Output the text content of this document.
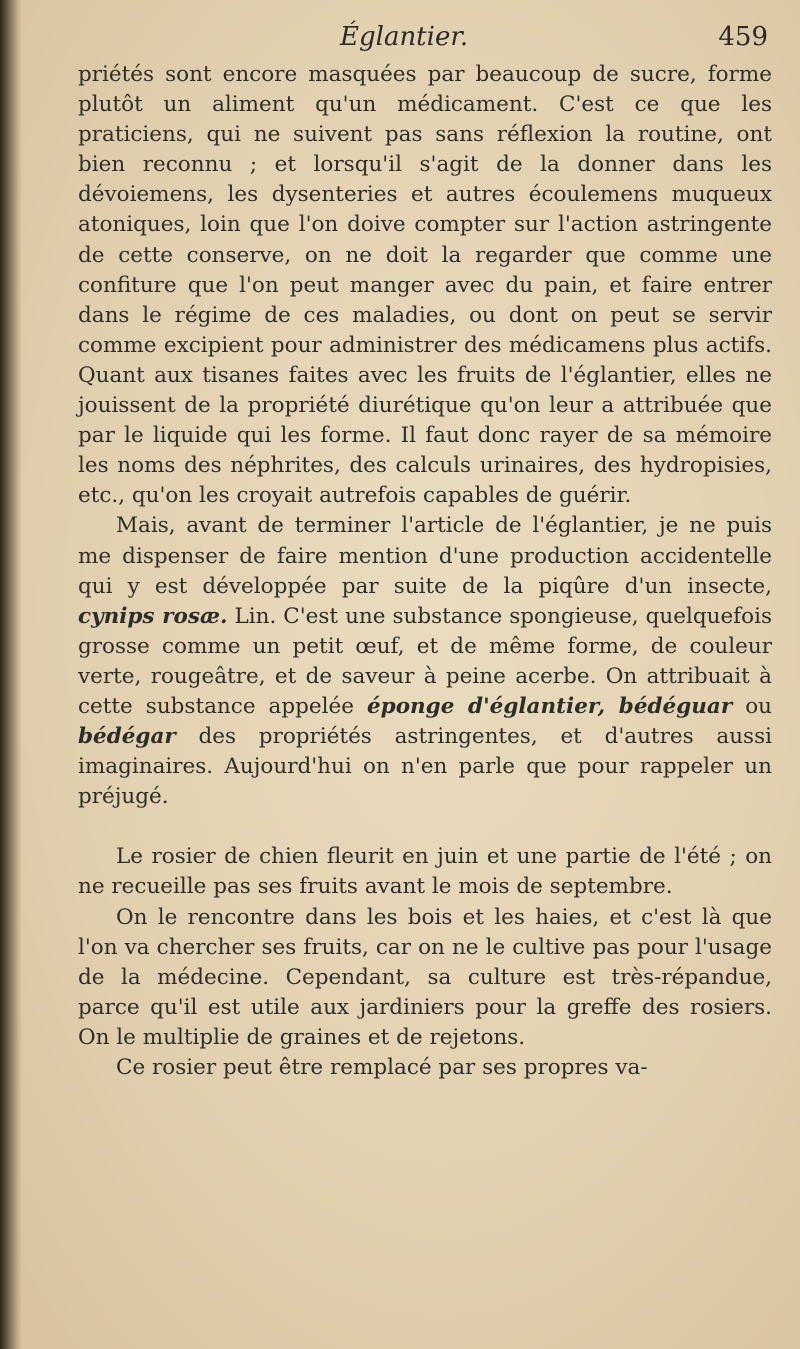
Églantier.	459

priétés sont encore masquées par beaucoup de sucre, forme plutôt un aliment qu'un médicament. C'est ce que les praticiens, qui ne suivent pas sans réflexion la routine, ont bien reconnu ; et lorsqu'il s'agit de la donner dans les dévoiemens, les dysenteries et autres écoulemens muqueux atoniques, loin que l'on doive compter sur l'action astringente de cette conserve, on ne doit la regarder que comme une confiture que l'on peut manger avec du pain, et faire entrer dans le régime de ces maladies, ou dont on peut se servir comme excipient pour administrer des médicamens plus actifs. Quant aux tisanes faites avec les fruits de l'églantier, elles ne jouissent de la propriété diurétique qu'on leur a attribuée que par le liquide qui les forme. Il faut donc rayer de sa mémoire les noms des néphrites, des calculs urinaires, des hydropisies, etc., qu'on les croyait autrefois capables de guérir.

Mais, avant de terminer l'article de l'églantier, je ne puis me dispenser de faire mention d'une production accidentelle qui y est développée par suite de la piqûre d'un insecte, cynips rosæ. Lin. C'est une substance spongieuse, quelquefois grosse comme un petit œuf, et de même forme, de couleur verte, rougeâtre, et de saveur à peine acerbe. On attribuait à cette substance appelée éponge d'églantier, bédéguar ou bédégar des propriétés astringentes, et d'autres aussi imaginaires. Aujourd'hui on n'en parle que pour rappeler un préjugé.

Le rosier de chien fleurit en juin et une partie de l'été ; on ne recueille pas ses fruits avant le mois de septembre.

On le rencontre dans les bois et les haies, et c'est là que l'on va chercher ses fruits, car on ne le cultive pas pour l'usage de la médecine. Cependant, sa culture est très-répandue, parce qu'il est utile aux jardiniers pour la greffe des rosiers. On le multiplie de graines et de rejetons.

Ce rosier peut être remplacé par ses propres va-
